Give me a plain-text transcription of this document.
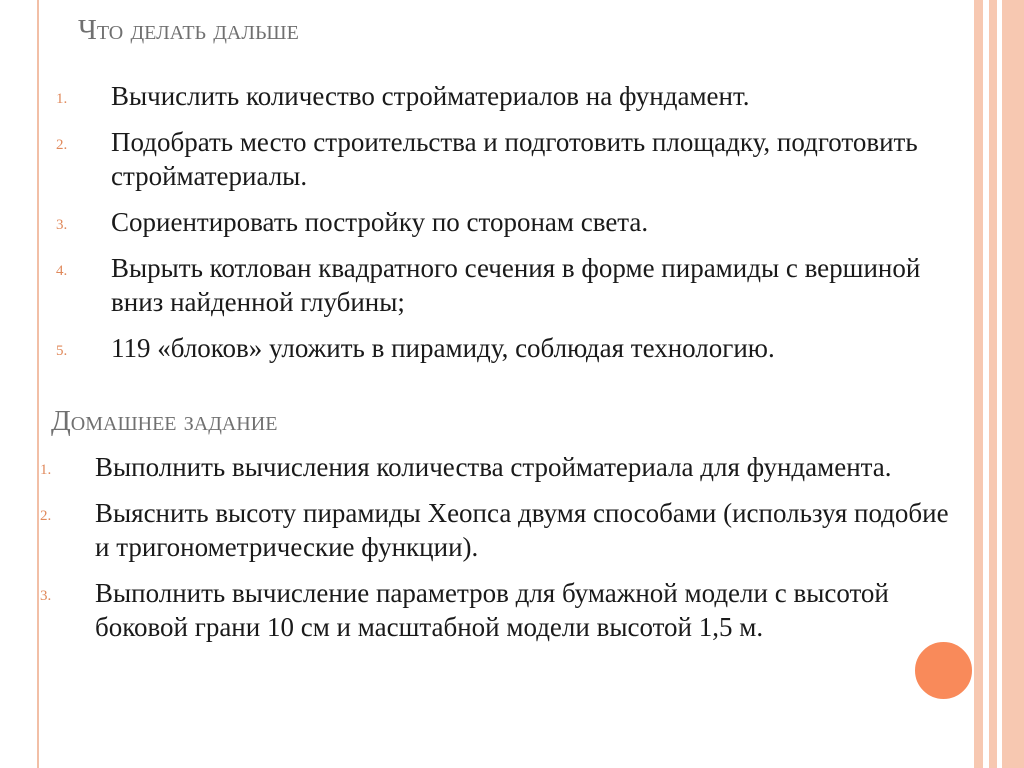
Что делать дальше
1. Вычислить количество стройматериалов на фундамент.
2. Подобрать место строительства и подготовить площадку, подготовить стройматериалы.
3. Сориентировать постройку по сторонам света.
4. Вырыть котлован квадратного сечения в форме пирамиды с вершиной вниз найденной глубины;
5. 119 «блоков» уложить в пирамиду, соблюдая технологию.
Домашнее задание
1. Выполнить вычисления количества стройматериала для фундамента.
2. Выяснить высоту пирамиды Хеопса двумя способами (используя подобие и тригонометрические функции).
3. Выполнить вычисление параметров для бумажной модели с высотой боковой грани 10 см и масштабной модели высотой 1,5 м.
